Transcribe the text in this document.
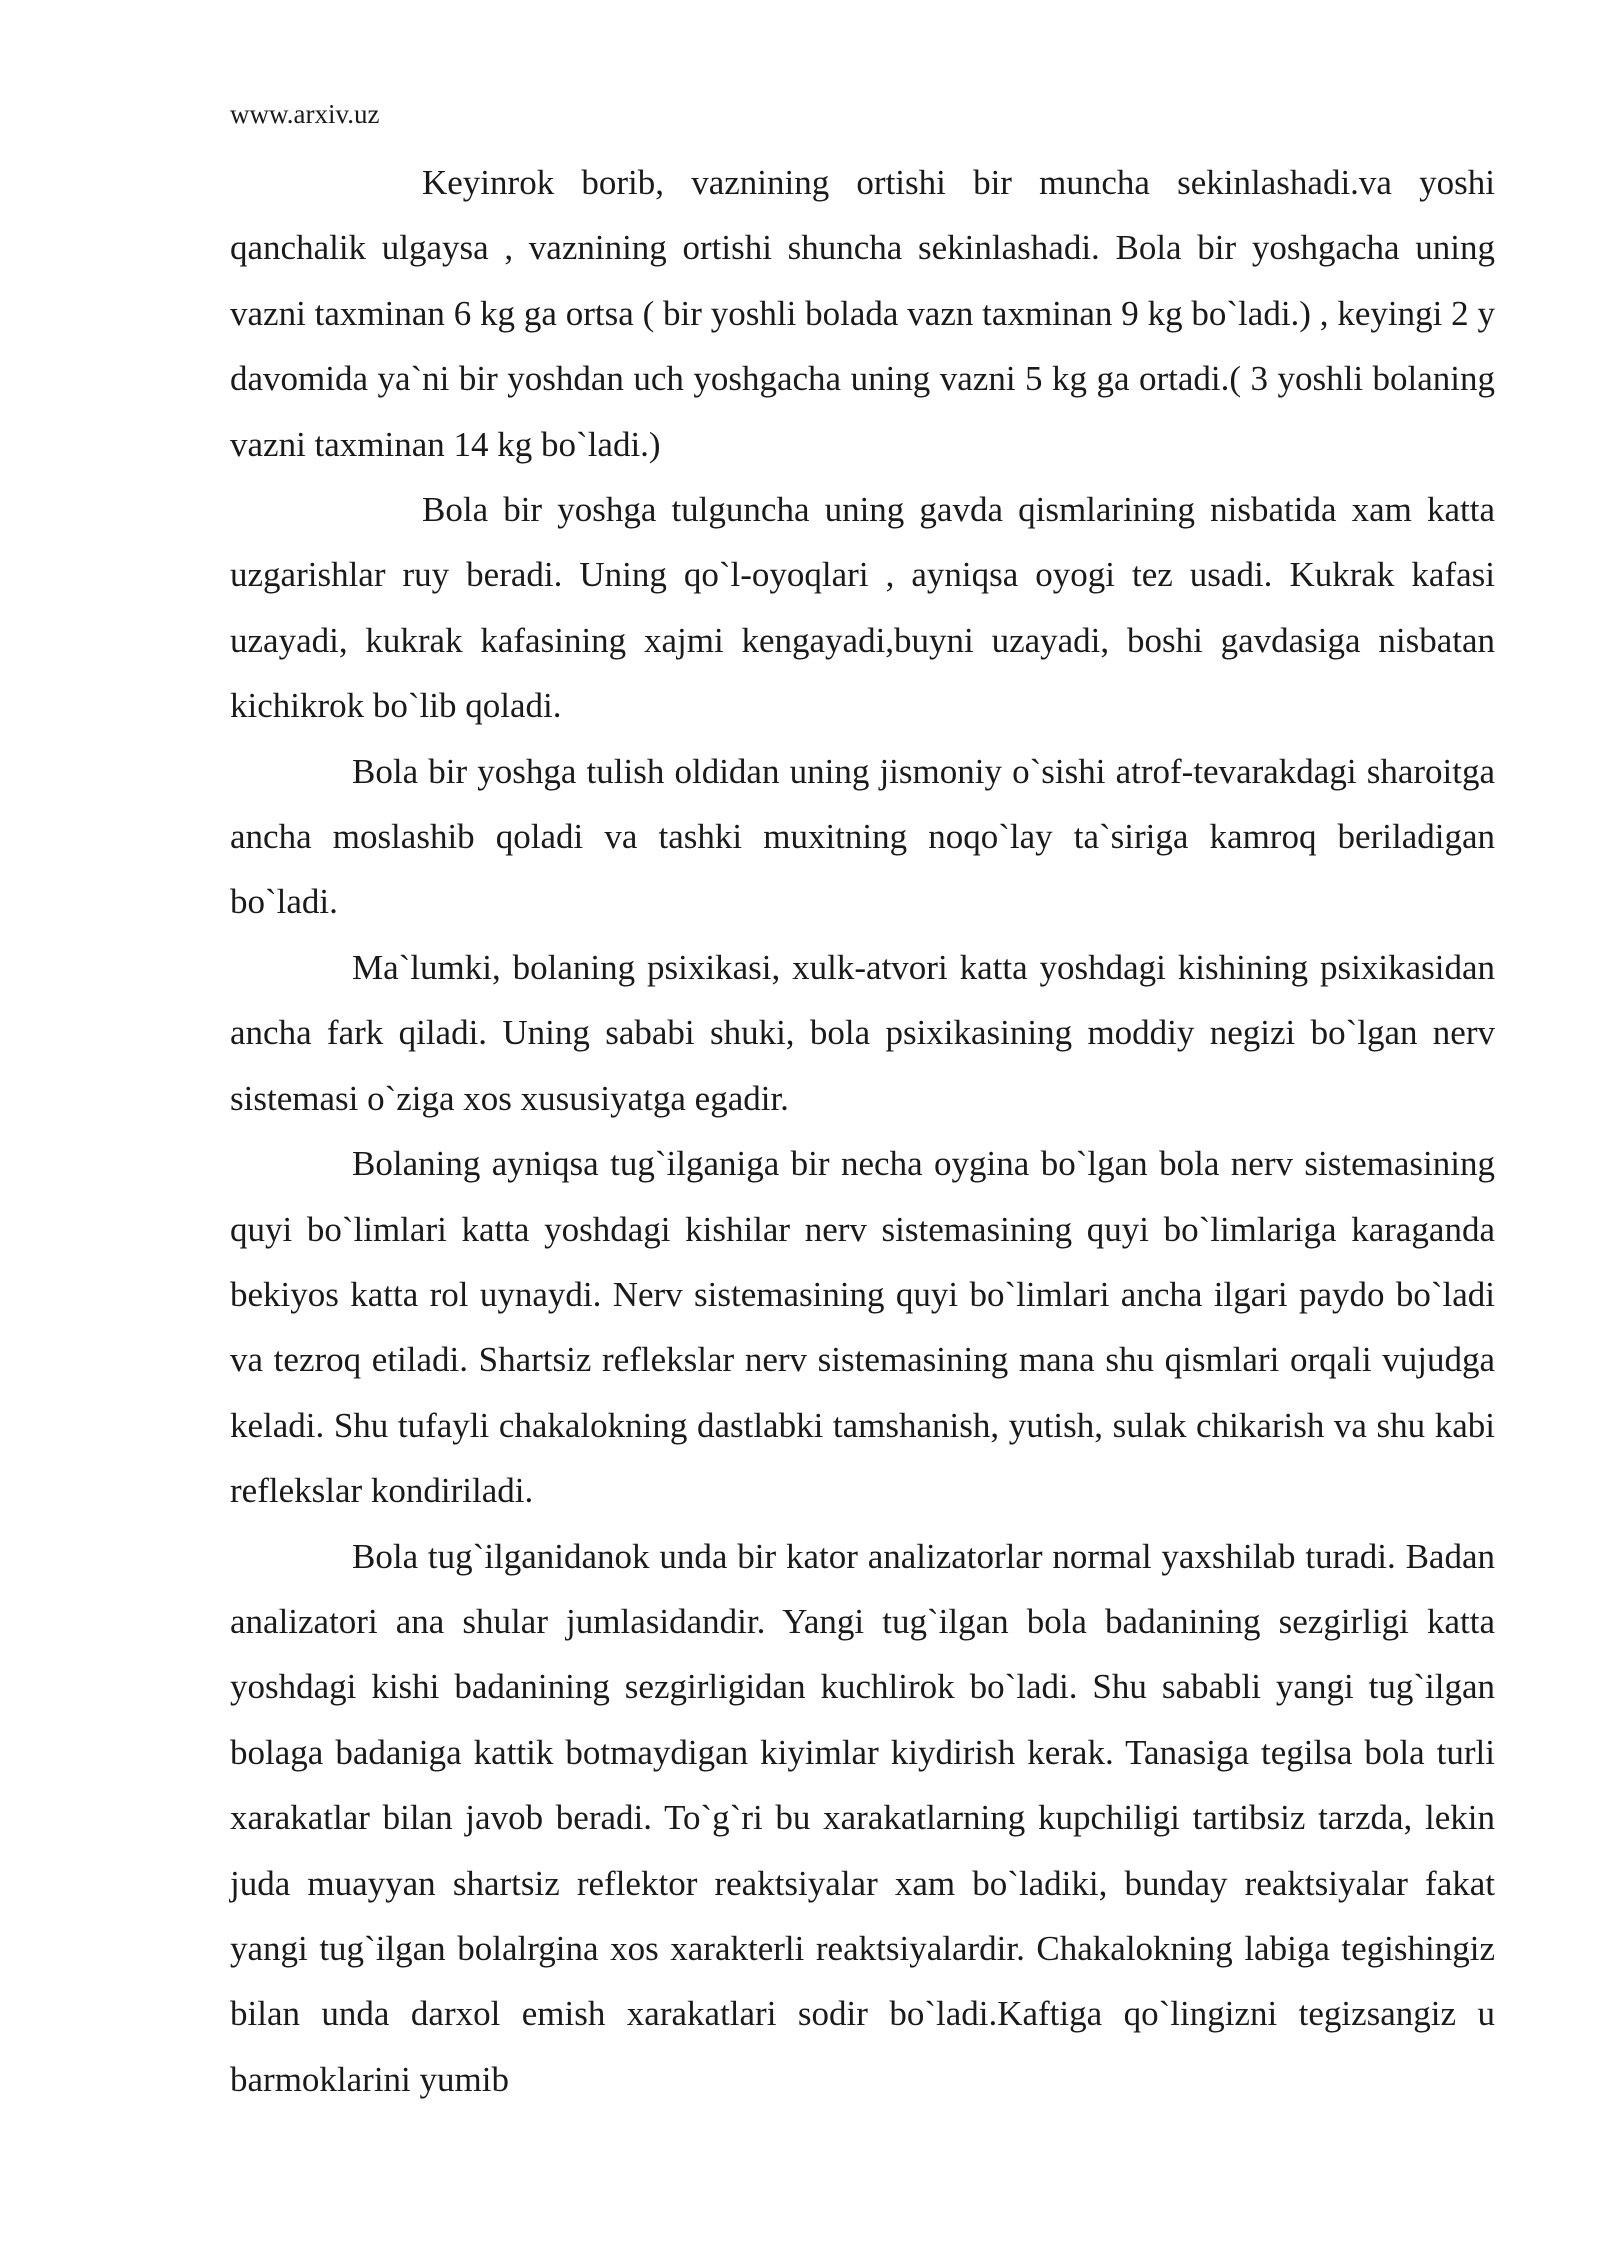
www.arxiv.uz

Keyinrok borib, vaznining ortishi bir muncha sekinlashadi.va yoshi qanchalik ulgaysa , vaznining ortishi shuncha sekinlashadi. Bola bir yoshgacha uning vazni taxminan 6 kg ga ortsa ( bir yoshli bolada vazn taxminan 9 kg bo`ladi.) , keyingi 2 y davomida ya`ni bir yoshdan uch yoshgacha uning vazni 5 kg ga ortadi.( 3 yoshli bolaning vazni taxminan 14 kg bo`ladi.)

Bola bir yoshga tulguncha uning gavda qismlarining nisbatida xam katta uzgarishlar ruy beradi. Uning qo`l-oyoqlari , ayniqsa oyogi tez usadi. Kukrak kafasi uzayadi, kukrak kafasining xajmi kengayadi,buyni uzayadi, boshi gavdasiga nisbatan kichikrok bo`lib qoladi.

Bola bir yoshga tulish oldidan uning jismoniy o`sishi atrof-tevarakdagi sharoitga ancha moslashib qoladi va tashki muxitning noqo`lay ta`siriga kamroq beriladigan bo`ladi.

Ma`lumki, bolaning psixikasi, xulk-atvori katta yoshdagi kishining psixikasidan ancha fark qiladi. Uning sababi shuki, bola psixikasining moddiy negizi bo`lgan nerv sistemasi o`ziga xos xususiyatga egadir.

Bolaning ayniqsa tug`ilganiga bir necha oygina bo`lgan bola nerv sistemasining quyi bo`limlari katta yoshdagi kishilar nerv sistemasining quyi bo`limlariga karaganda bekiyos katta rol uynaydi. Nerv sistemasining quyi bo`limlari ancha ilgari paydo bo`ladi va tezroq etiladi. Shartsiz reflekslar nerv sistemasining mana shu qismlari orqali vujudga keladi. Shu tufayli chakalokning dastlabki tamshanish, yutish, sulak chikarish va shu kabi reflekslar kondiriladi.

Bola tug`ilganidanok unda bir kator analizatorlar normal yaxshilab turadi. Badan analizatori ana shular jumlasidandir. Yangi tug`ilgan bola badanining sezgirligi katta yoshdagi kishi badanining sezgirligidan kuchlirok bo`ladi. Shu sababli yangi tug`ilgan bolaga badaniga kattik botmaydigan kiyimlar kiydirish kerak. Tanasiga tegilsa bola turli xarakatlar bilan javob beradi. To`g`ri bu xarakatlarning kupchiligi tartibsiz tarzda, lekin juda muayyan shartsiz reflektor reaktsiyalar xam bo`ladiki, bunday reaktsiyalar fakat yangi tug`ilgan bolalrgina xos xarakterli reaktsiyalardir. Chakalokning labiga tegishingiz bilan unda darxol emish xarakatlari sodir bo`ladi.Kaftiga qo`lingizni tegizsangiz u barmoklarini yumib
